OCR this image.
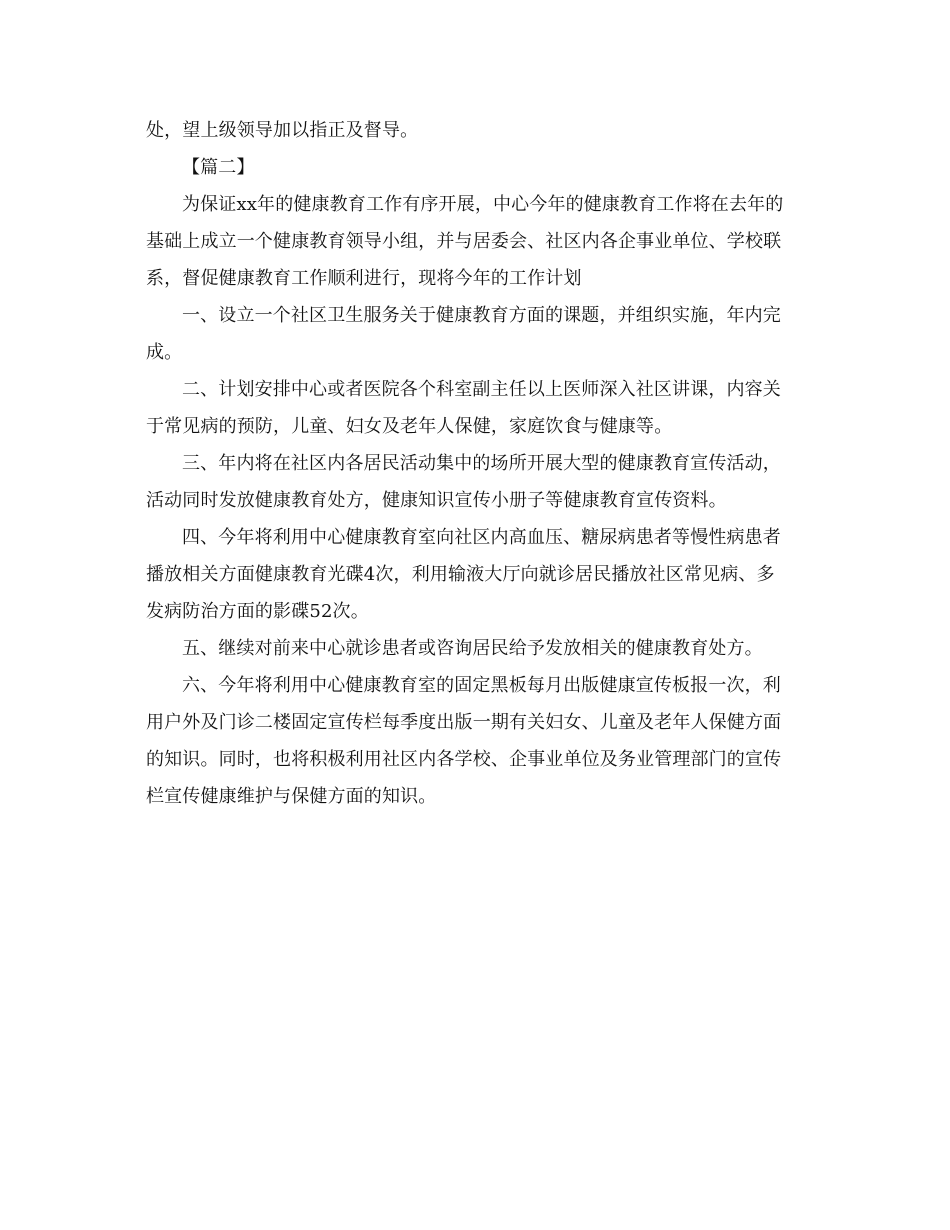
处，望上级领导加以指正及督导。
【篇二】
为保证xx年的健康教育工作有序开展，中心今年的健康教育工作将在去年的
基础上成立一个健康教育领导小组，并与居委会、社区内各企事业单位、学校联
系，督促健康教育工作顺利进行，现将今年的工作计划
一、设立一个社区卫生服务关于健康教育方面的课题，并组织实施，年内完
成。
二、计划安排中心或者医院各个科室副主任以上医师深入社区讲课，内容关
于常见病的预防，儿童、妇女及老年人保健，家庭饮食与健康等。
三、年内将在社区内各居民活动集中的场所开展大型的健康教育宣传活动，
活动同时发放健康教育处方，健康知识宣传小册子等健康教育宣传资料。
四、今年将利用中心健康教育室向社区内高血压、糖尿病患者等慢性病患者
播放相关方面健康教育光碟4次，利用输液大厅向就诊居民播放社区常见病、多
发病防治方面的影碟52次。
五、继续对前来中心就诊患者或咨询居民给予发放相关的健康教育处方。
六、今年将利用中心健康教育室的固定黑板每月出版健康宣传板报一次，利
用户外及门诊二楼固定宣传栏每季度出版一期有关妇女、儿童及老年人保健方面
的知识。同时，也将积极利用社区内各学校、企事业单位及务业管理部门的宣传
栏宣传健康维护与保健方面的知识。
